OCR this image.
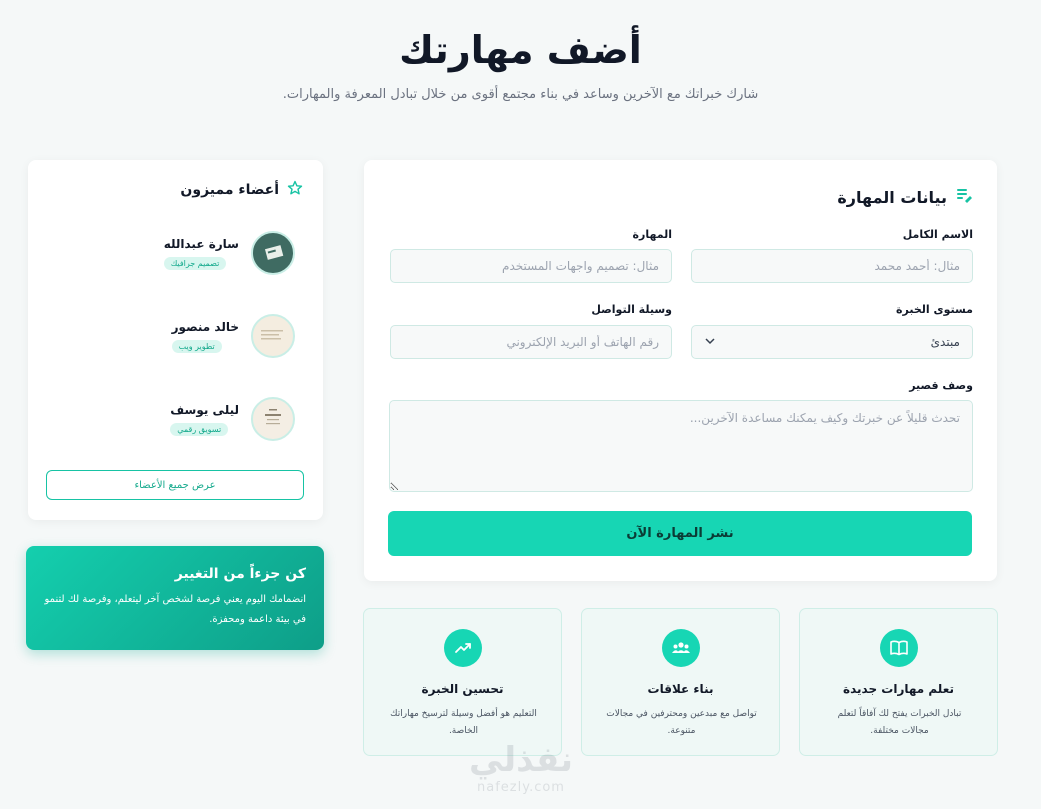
أضف مهارتك

شارك خبراتك مع الآخرين وساعد في بناء مجتمع أقوى من خلال تبادل المعرفة والمهارات.

بيانات المهارة
الاسم الكامل
مثال: أحمد محمد
المهارة
مثال: تصميم واجهات المستخدم
مستوى الخبرة
مبتدئ
وسيلة التواصل
رقم الهاتف أو البريد الإلكتروني
وصف قصير
تحدث قليلاً عن خبرتك وكيف يمكنك مساعدة الآخرين...
نشر المهارة الآن
أعضاء مميزون
سارة عبدالله
تصميم جرافيك
خالد منصور
تطوير ويب
ليلى يوسف
تسويق رقمي
عرض جميع الأعضاء
كن جزءاً من التغيير
انضمامك اليوم يعني فرصة لشخص آخر ليتعلم، وفرصة لك لتنمو في بيئة داعمة ومحفزة.
تعلم مهارات جديدة
تبادل الخبرات يفتح لك آفاقاً لتعلم مجالات مختلفة.
بناء علاقات
تواصل مع مبدعين ومحترفين في مجالات متنوعة.
تحسين الخبرة
التعليم هو أفضل وسيلة لترسيخ مهاراتك الخاصة.
نفذلي
nafezly.com
